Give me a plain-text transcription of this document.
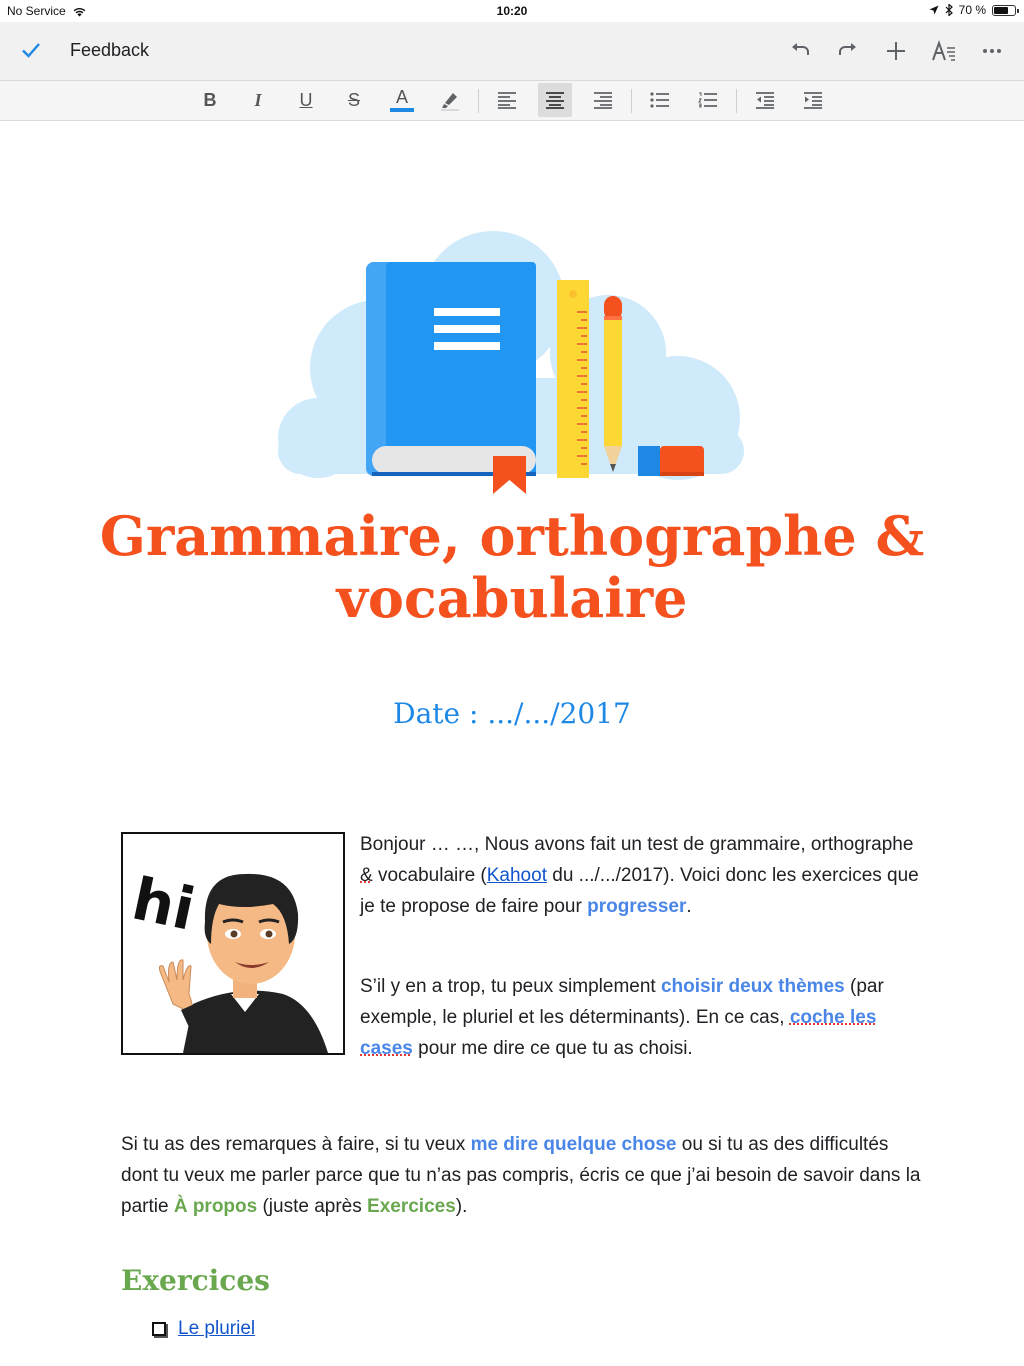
No Service	10:20	70 %
Feedback
B I U S A
Grammaire, orthographe & vocabulaire
Date : .../.../2017
hi
Bonjour … …, Nous avons fait un test de grammaire, orthographe & vocabulaire (Kahoot du .../.../2017). Voici donc les exercices que je te propose de faire pour progresser.
S’il y en a trop, tu peux simplement choisir deux thèmes (par exemple, le pluriel et les déterminants). En ce cas, coche les cases pour me dire ce que tu as choisi.
Si tu as des remarques à faire, si tu veux me dire quelque chose ou si tu as des difficultés dont tu veux me parler parce que tu n’as pas compris, écris ce que j’ai besoin de savoir dans la partie À propos (juste après Exercices).
Exercices
Le pluriel
